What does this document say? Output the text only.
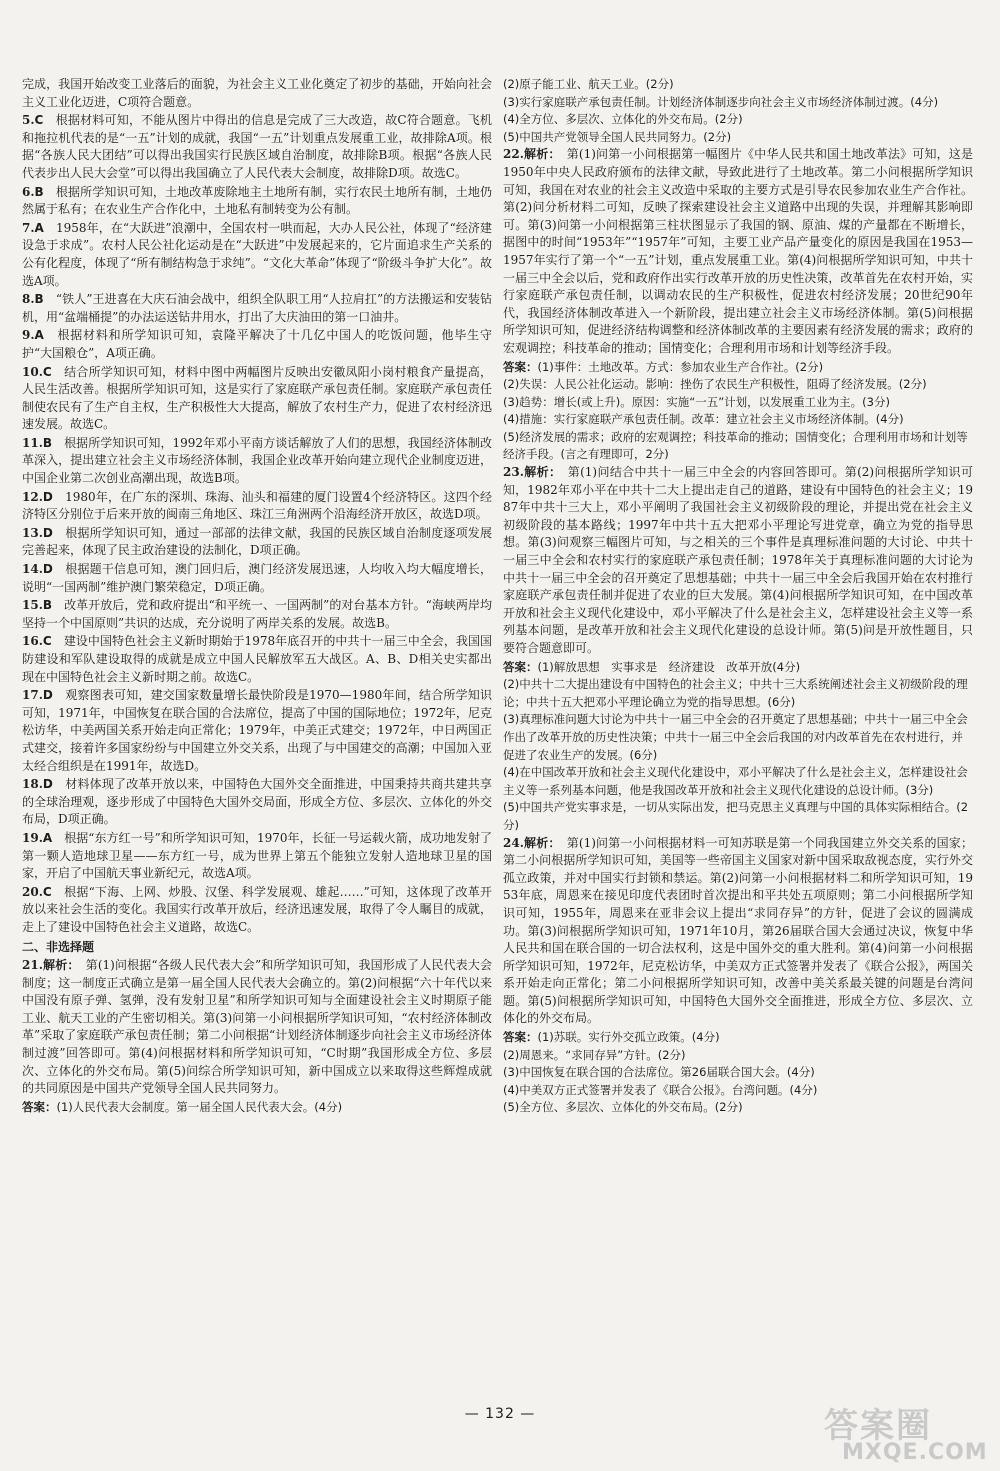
完成，我国开始改变工业落后的面貌，为社会主义工业化奠定了初步的基础，开始向社会主义工业化迈进，C项符合题意。

5.C　 根据材料可知，不能从图片中得出的信息是完成了三大改造，故C符合题意。飞机和拖拉机代表的是“一五”计划的成就，我国“一五”计划重点发展重工业，故排除A项。根据“各族人民大团结”可以得出我国实行民族区域自治制度，故排除B项。根据“各族人民代表步出人民大会堂”可以得出我国确立了人民代表大会制度，故排除D项。故选C。

6.B　 根据所学知识可知，土地改革废除地主土地所有制，实行农民土地所有制，土地仍然属于私有；在农业生产合作化中，土地私有制转变为公有制。

7.A　 1958年，在“大跃进”浪潮中，全国农村一哄而起，大办人民公社，体现了“经济建设急于求成”。农村人民公社化运动是在“大跃进”中发展起来的，它片面追求生产关系的公有化程度，体现了“所有制结构急于求纯”。“文化大革命”体现了“阶级斗争扩大化”。故选A项。

8.B　 “铁人”王进喜在大庆石油会战中，组织全队职工用“人拉肩扛”的方法搬运和安装钻机，用“盆端桶提”的办法运送钻井用水，打出了大庆油田的第一口油井。

9.A　 根据材料和所学知识可知，袁隆平解决了十几亿中国人的吃饭问题，他毕生守护“大国粮仓”，A项正确。

10.C　 结合所学知识可知，材料中图中两幅图片反映出安徽凤阳小岗村粮食产量提高，人民生活改善。根据所学知识可知，这是实行了家庭联产承包责任制。家庭联产承包责任制使农民有了生产自主权，生产积极性大大提高，解放了农村生产力，促进了农村经济迅速发展。故选C。

11.B　 根据所学知识可知，1992年邓小平南方谈话解放了人们的思想，我国经济体制改革深入，提出建立社会主义市场经济体制，我国企业改革开始向建立现代企业制度迈进，中国企业第二次创业高潮出现，故选B项。

12.D　 1980年，在广东的深圳、珠海、汕头和福建的厦门设置4个经济特区。这四个经济特区分别位于后来开放的闽南三角地区、珠江三角洲两个沿海经济开放区，故选D项。

13.D　 根据所学知识可知，通过一部部的法律文献，我国的民族区域自治制度逐项发展完善起来，体现了民主政治建设的法制化，D项正确。

14.D　 根据题干信息可知，澳门回归后，澳门经济发展迅速，人均收入均大幅度增长，说明“一国两制”维护澳门繁荣稳定，D项正确。

15.B　 改革开放后，党和政府提出“和平统一、一国两制”的对台基本方针。“海峡两岸均坚持一个中国原则”共识的达成，充分说明了两岸关系的发展。故选B。

16.C　 建设中国特色社会主义新时期始于1978年底召开的中共十一届三中全会，我国国防建设和军队建设取得的成就是成立中国人民解放军五大战区。A、B、D相关史实都出现在中国特色社会主义新时期之前。故选C。

17.D　 观察图表可知，建交国家数量增长最快阶段是1970—1980年间，结合所学知识可知，1971年，中国恢复在联合国的合法席位，提高了中国的国际地位；1972年，尼克松访华，中美两国关系开始走向正常化；1979年，中美正式建交；1972年，中日两国正式建交，接着许多国家纷纷与中国建立外交关系，出现了与中国建交的高潮；中国加入亚太经合组织是在1991年，故选D。

18.D　 材料体现了改革开放以来，中国特色大国外交全面推进，中国秉持共商共建共享的全球治理观，逐步形成了中国特色大国外交局面，形成全方位、多层次、立体化的外交布局，D项正确。

19.A　 根据“东方红一号”和所学知识可知，1970年，长征一号运载火箭，成功地发射了第一颗人造地球卫星——东方红一号，成为世界上第五个能独立发射人造地球卫星的国家，开启了中国航天事业新纪元，故选A项。

20.C　 根据“下海、上网、炒股、汉堡、科学发展观、雄起……”可知，这体现了改革开放以来社会生活的变化。我国实行改革开放后，经济迅速发展，取得了令人瞩目的成就，走上了建设中国特色社会主义道路，故选C。

二、非选择题

21.解析：　 第(1)问根据“各级人民代表大会”和所学知识可知，我国形成了人民代表大会制度；这一制度正式确立是第一届全国人民代表大会确立的。第(2)问根据“六十年代以来中国没有原子弹、氢弹，没有发射卫星”和所学知识可知与全面建设社会主义时期原子能工业、航天工业的产生密切相关。第(3)问第一小问根据所学知识可知，“农村经济体制改革”采取了家庭联产承包责任制；第二小问根据“计划经济体制逐步向社会主义市场经济体制过渡”回答即可。第(4)问根据材料和所学知识可知，“C时期”我国形成全方位、多层次、立体化的外交布局。第(5)问综合所学知识可知，新中国成立以来取得这些辉煌成就的共同原因是中国共产党领导全国人民共同努力。

答案：(1)人民代表大会制度。第一届全国人民代表大会。(4分)

(2)原子能工业、航天工业。(2分)

(3)实行家庭联产承包责任制。计划经济体制逐步向社会主义市场经济体制过渡。(4分)

(4)全方位、多层次、立体化的外交布局。(2分)

(5)中国共产党领导全国人民共同努力。(2分)

22.解析：　 第(1)问第一小问根据第一幅图片《中华人民共和国土地改革法》可知，这是1950年中央人民政府颁布的法律文献，导致此进行了土地改革。第二小问根据所学知识可知，我国在对农业的社会主义改造中采取的主要方式是引导农民参加农业生产合作社。第(2)问分析材料二可知，反映了探索建设社会主义道路中出现的失误，并理解其影响即可。第(3)问第一小问根据第三柱状图显示了我国的钢、原油、煤的产量都在不断增长，据图中的时间“1953年”“1957年”可知，主要工业产品产量变化的原因是我国在1953—1957年实行了第一个“一五”计划，重点发展重工业。第(4)问根据所学知识可知，中共十一届三中全会以后，党和政府作出实行改革开放的历史性决策，改革首先在农村开始，实行家庭联产承包责任制，以调动农民的生产积极性，促进农村经济发展；20世纪90年代，我国经济体制改革进入一个新阶段，提出建立社会主义市场经济体制。第(5)问根据所学知识可知，促进经济结构调整和经济体制改革的主要因素有经济发展的需求；政府的宏观调控；科技革命的推动；国情变化；合理利用市场和计划等经济手段。

答案：(1)事件：土地改革。方式：参加农业生产合作社。(2分)

(2)失误：人民公社化运动。影响：挫伤了农民生产积极性，阻碍了经济发展。(2分)

(3)趋势：增长(或上升)。原因：实施“一五”计划，以发展重工业为主。(3分)

(4)措施：实行家庭联产承包责任制。改革：建立社会主义市场经济体制。(4分)

(5)经济发展的需求；政府的宏观调控；科技革命的推动；国情变化；合理利用市场和计划等经济手段。(言之有理即可，2分)

23.解析：　 第(1)问结合中共十一届三中全会的内容回答即可。第(2)问根据所学知识可知，1982年邓小平在中共十二大上提出走自己的道路，建设有中国特色的社会主义；1987年中共十三大上，邓小平阐明了我国社会主义初级阶段的理论，并提出党在社会主义初级阶段的基本路线；1997年中共十五大把邓小平理论写进党章，确立为党的指导思想。第(3)问观察三幅图片可知，与之相关的三个事件是真理标准问题的大讨论、中共十一届三中全会和农村实行的家庭联产承包责任制；1978年关于真理标准问题的大讨论为中共十一届三中全会的召开奠定了思想基础；中共十一届三中全会后我国开始在农村推行家庭联产承包责任制并促进了农业的巨大发展。第(4)问根据所学知识可知，在中国改革开放和社会主义现代化建设中，邓小平解决了什么是社会主义，怎样建设社会主义等一系列基本问题，是改革开放和社会主义现代化建设的总设计师。第(5)问是开放性题目，只要符合题意即可。

答案：(1)解放思想　实事求是　经济建设　改革开放(4分)

(2)中共十二大提出建设有中国特色的社会主义；中共十三大系统阐述社会主义初级阶段的理论；中共十五大把邓小平理论确立为党的指导思想。(6分)

(3)真理标准问题大讨论为中共十一届三中全会的召开奠定了思想基础；中共十一届三中全会作出了改革开放的历史性决策；中共十一届三中全会后我国的对内改革首先在农村进行，并促进了农业生产的发展。(6分)

(4)在中国改革开放和社会主义现代化建设中，邓小平解决了什么是社会主义，怎样建设社会主义等一系列基本问题，他是我国改革开放和社会主义现代化建设的总设计师。(3分)

(5)中国共产党实事求是，一切从实际出发，把马克思主义真理与中国的具体实际相结合。(2分)

24.解析：　 第(1)问第一小问根据材料一可知苏联是第一个同我国建立外交关系的国家；第二小问根据所学知识可知，美国等一些帝国主义国家对新中国采取敌视态度，实行外交孤立政策，并对中国实行封锁和禁运。第(2)问第一小问根据材料二和所学知识可知，1953年底，周恩来在接见印度代表团时首次提出和平共处五项原则；第二小问根据所学知识可知，1955年，周恩来在亚非会议上提出“求同存异”的方针，促进了会议的圆满成功。第(3)问根据所学知识可知，1971年10月，第26届联合国大会通过决议，恢复中华人民共和国在联合国的一切合法权利，这是中国外交的重大胜利。第(4)问第一小问根据所学知识可知，1972年，尼克松访华，中美双方正式签署并发表了《联合公报》，两国关系开始走向正常化；第二小问根据所学知识可知，改善中美关系最关键的问题是台湾问题。第(5)问根据所学知识可知，中国特色大国外交全面推进，形成全方位、多层次、立体化的外交布局。

答案：(1)苏联。实行外交孤立政策。(4分)

(2)周恩来。“求同存异”方针。(2分)

(3)中国恢复在联合国的合法席位。第26届联合国大会。(4分)

(4)中美双方正式签署并发表了《联合公报》。台湾问题。(4分)

(5)全方位、多层次、立体化的外交布局。(2分)

— 132 —	答案圈
MXQE.COM
